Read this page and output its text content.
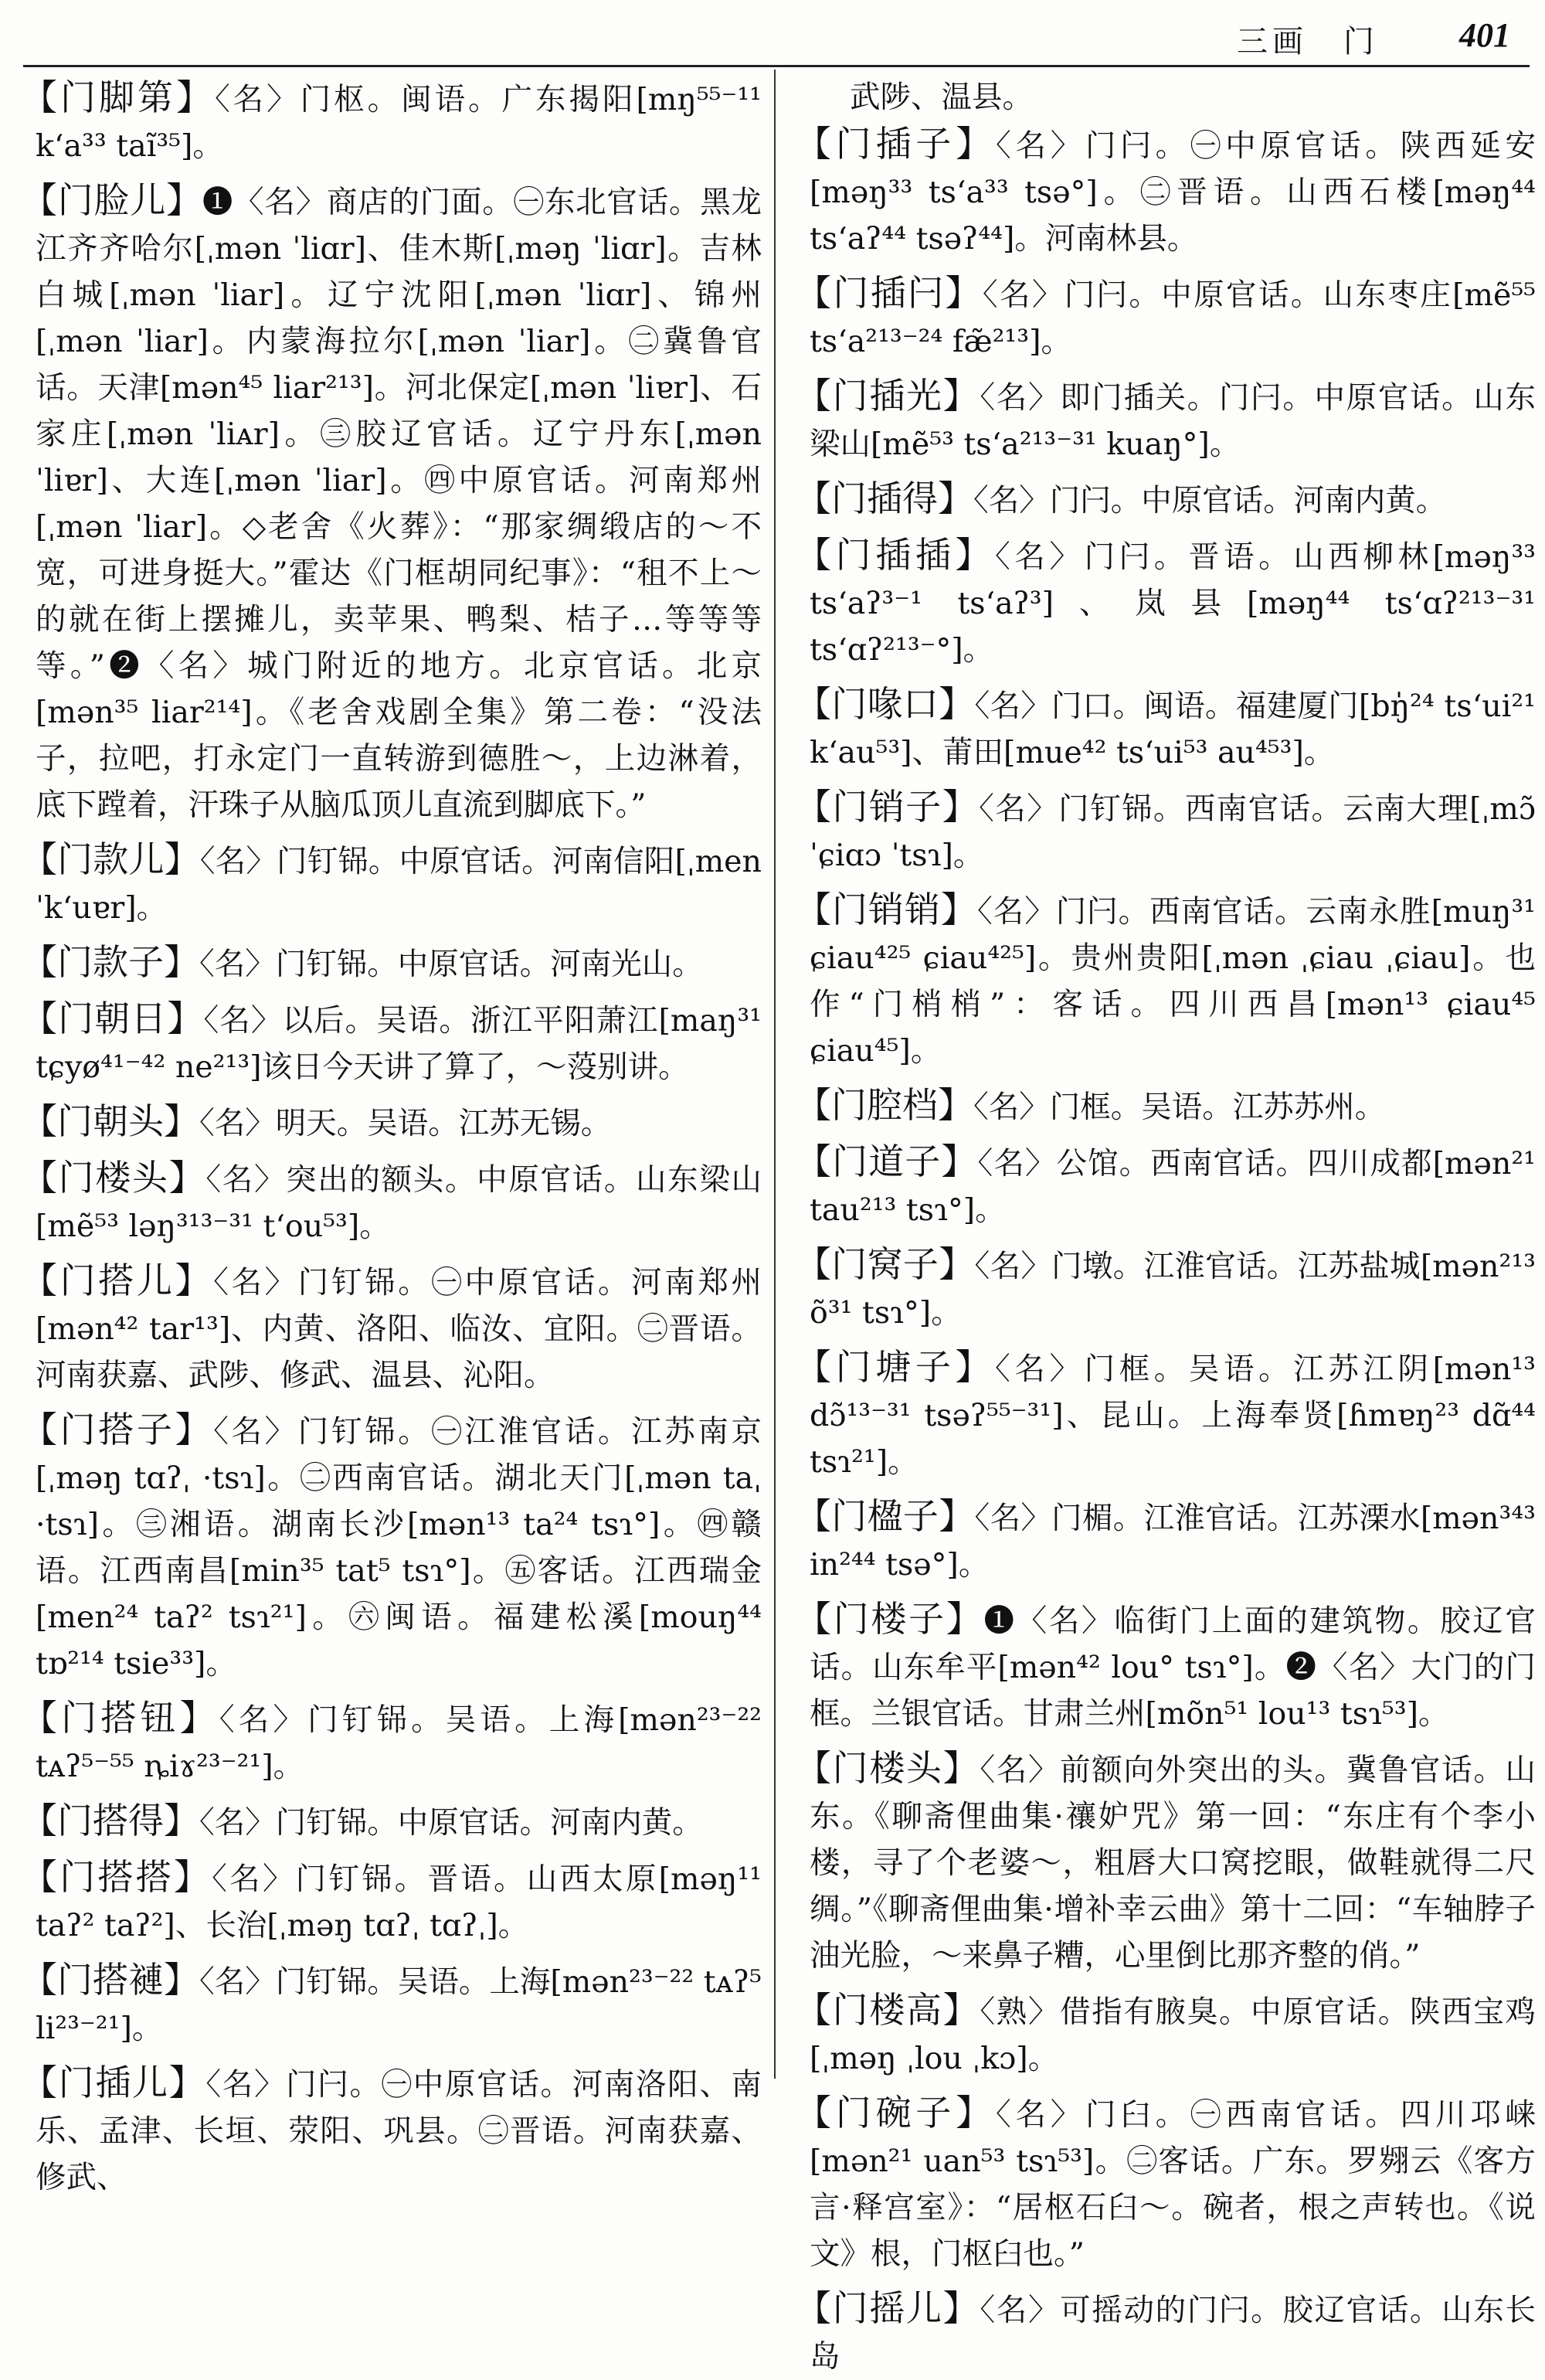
三画　门 401
【门脚第】〈名〉门枢。闽语。广东揭阳[mŋ⁵⁵⁻¹¹ k‘a³³ taĩ³⁵]。
【门脸儿】❶〈名〉商店的门面。㊀东北官话。黑龙江齐齐哈尔[ˌmən ˈliɑr]、佳木斯[ˌməŋ ˈliɑr]。吉林白城[ˌmən ˈliar]。辽宁沈阳[ˌmən ˈliɑr]、锦州[ˌmən ˈliar]。内蒙海拉尔[ˌmən ˈliar]。㊁冀鲁官话。天津[mən⁴⁵ liar²¹³]。河北保定[ˌmən ˈliɐr]、石家庄[ˌmən ˈliᴀr]。㊂胶辽官话。辽宁丹东[ˌmən ˈliɐr]、大连[ˌmən ˈliar]。㊃中原官话。河南郑州[ˌmən ˈliar]。◇老舍《火葬》：“那家绸缎店的～不宽，可进身挺大。”霍达《门框胡同纪事》：“租不上～的就在街上摆摊儿，卖苹果、鸭梨、桔子…等等等等。”❷〈名〉城门附近的地方。北京官话。北京[mən³⁵ liar²¹⁴]。《老舍戏剧全集》第二卷：“没法子，拉吧，打永定门一直转游到德胜～，上边淋着，底下蹚着，汗珠子从脑瓜顶儿直流到脚底下。”
【门款儿】〈名〉门钉铞。中原官话。河南信阳[ˌmen ˈk‘uɐr]。
【门款子】〈名〉门钉铞。中原官话。河南光山。
【门朝日】〈名〉以后。吴语。浙江平阳萧江[maŋ³¹ tɕyø⁴¹⁻⁴² ne²¹³]该日今天讲了算了，～莈别讲。
【门朝头】〈名〉明天。吴语。江苏无锡。
【门楼头】〈名〉突出的额头。中原官话。山东梁山[mẽ⁵³ ləŋ³¹³⁻³¹ t‘ou⁵³]。
【门搭儿】〈名〉门钉铞。㊀中原官话。河南郑州[mən⁴² tar¹³]、内黄、洛阳、临汝、宜阳。㊁晋语。河南获嘉、武陟、修武、温县、沁阳。
【门搭子】〈名〉门钉铞。㊀江淮官话。江苏南京[ˌməŋ tɑʔˌ ·tsɿ]。㊁西南官话。湖北天门[ˌmən taˌ ·tsɿ]。㊂湘语。湖南长沙[mən¹³ ta²⁴ tsɿ°]。㊃赣语。江西南昌[min³⁵ tat⁵ tsɿ°]。㊄客话。江西瑞金[men²⁴ taʔ² tsɿ²¹]。㊅闽语。福建松溪[mouŋ⁴⁴ tɒ²¹⁴ tsie³³]。
【门搭钮】〈名〉门钉铞。吴语。上海[mən²³⁻²² tᴀʔ⁵⁻⁵⁵ ȵiɤ²³⁻²¹]。
【门搭得】〈名〉门钉铞。中原官话。河南内黄。
【门搭搭】〈名〉门钉铞。晋语。山西太原[məŋ¹¹ taʔ² taʔ²]、长治[ˌməŋ tɑʔˌ tɑʔˌ]。
【门搭褳】〈名〉门钉铞。吴语。上海[mən²³⁻²² tᴀʔ⁵ li²³⁻²¹]。
【门插儿】〈名〉门闩。㊀中原官话。河南洛阳、南乐、孟津、长垣、荥阳、巩县。㊁晋语。河南获嘉、修武、
武陟、温县。
【门插子】〈名〉门闩。㊀中原官话。陕西延安[məŋ³³ ts‘a³³ tsə°]。㊁晋语。山西石楼[məŋ⁴⁴ ts‘aʔ⁴⁴ tsəʔ⁴⁴]。河南林县。
【门插闩】〈名〉门闩。中原官话。山东枣庄[mẽ⁵⁵ ts‘a²¹³⁻²⁴ fæ̃²¹³]。
【门插光】〈名〉即门插关。门闩。中原官话。山东梁山[mẽ⁵³ ts‘a²¹³⁻³¹ kuaŋ°]。
【门插得】〈名〉门闩。中原官话。河南内黄。
【门插插】〈名〉门闩。晋语。山西柳林[məŋ³³ ts‘aʔ³⁻¹ ts‘aʔ³]、岚县[məŋ⁴⁴ ts‘ɑʔ²¹³⁻³¹ ts‘ɑʔ²¹³⁻°]。
【门喙口】〈名〉门口。闽语。福建厦门[bŋ̍²⁴ ts‘ui²¹ k‘au⁵³]、莆田[mue⁴² ts‘ui⁵³ au⁴⁵³]。
【门销子】〈名〉门钉铞。西南官话。云南大理[ˌmɔ̃ ˈɕiɑɔ ˈtsɿ]。
【门销销】〈名〉门闩。西南官话。云南永胜[muŋ³¹ ɕiau⁴²⁵ ɕiau⁴²⁵]。贵州贵阳[ˌmən ˌɕiau ˌɕiau]。也作“门梢梢”：客话。四川西昌[mən¹³ ɕiau⁴⁵ ɕiau⁴⁵]。
【门腔档】〈名〉门框。吴语。江苏苏州。
【门道子】〈名〉公馆。西南官话。四川成都[mən²¹ tau²¹³ tsɿ°]。
【门窝子】〈名〉门墩。江淮官话。江苏盐城[mən²¹³ õ³¹ tsɿ°]。
【门塘子】〈名〉门框。吴语。江苏江阴[mən¹³ dɔ̃¹³⁻³¹ tsəʔ⁵⁵⁻³¹]、昆山。上海奉贤[ɦmɐŋ²³ dɑ̃⁴⁴ tsɿ²¹]。
【门楹子】〈名〉门楣。江淮官话。江苏溧水[mən³⁴³ in²⁴⁴ tsə°]。
【门楼子】❶〈名〉临街门上面的建筑物。胶辽官话。山东牟平[mən⁴² lou° tsɿ°]。❷〈名〉大门的门框。兰银官话。甘肃兰州[mõn⁵¹ lou¹³ tsɿ⁵³]。
【门楼头】〈名〉前额向外突出的头。冀鲁官话。山东。《聊斋俚曲集·禳妒咒》第一回：“东庄有个李小楼，寻了个老婆～，粗唇大口窝挖眼，做鞋就得二尺绸。”《聊斋俚曲集·增补幸云曲》第十二回：“车轴脖子油光脸，～来鼻子糟，心里倒比那齐整的俏。”
【门楼高】〈熟〉借指有腋臭。中原官话。陕西宝鸡[ˌməŋ ˌlou ˌkɔ]。
【门碗子】〈名〉门臼。㊀西南官话。四川邛崃[mən²¹ uan⁵³ tsɿ⁵³]。㊁客话。广东。罗翙云《客方言·释宫室》：“居枢石臼～。碗者，根之声转也。《说文》根，门枢臼也。”
【门摇儿】〈名〉可摇动的门闩。胶辽官话。山东长岛
